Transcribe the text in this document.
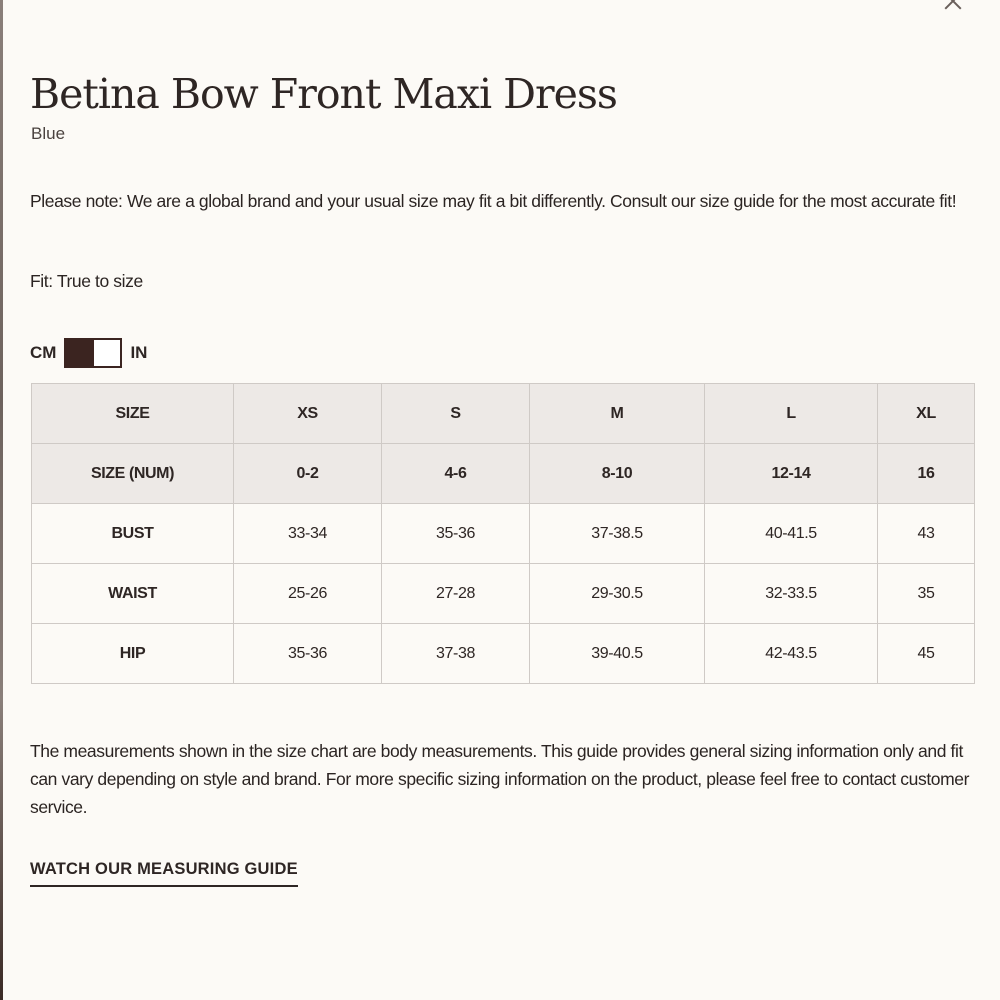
Betina Bow Front Maxi Dress
Blue
Please note: We are a global brand and your usual size may fit a bit differently. Consult our size guide for the most accurate fit!
Fit: True to size
CM	IN
SIZE	XS	S	M	L	XL
SIZE (NUM)	0-2	4-6	8-10	12-14	16
BUST	33-34	35-36	37-38.5	40-41.5	43
WAIST	25-26	27-28	29-30.5	32-33.5	35
HIP	35-36	37-38	39-40.5	42-43.5	45
The measurements shown in the size chart are body measurements. This guide provides general sizing information only and fit can vary depending on style and brand. For more specific sizing information on the product, please feel free to contact customer service.
WATCH OUR MEASURING GUIDE
